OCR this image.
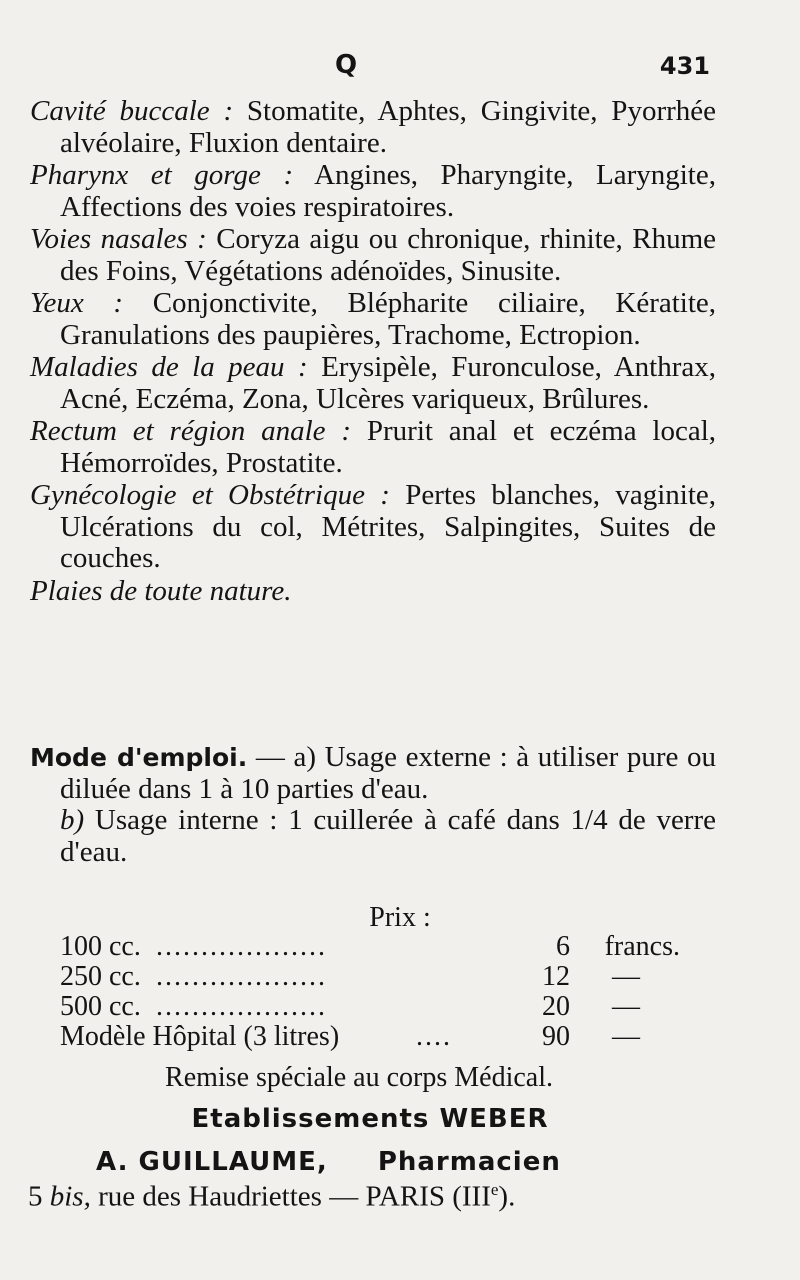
Q	431
Cavité buccale : Stomatite, Aphtes, Gingivite, Pyorrhée alvéolaire, Fluxion dentaire.
Pharynx et gorge : Angines, Pharyngite, Laryngite, Affections des voies respiratoires.
Voies nasales : Coryza aigu ou chronique, rhinite, Rhume des Foins, Végétations adénoïdes, Sinusite.
Yeux : Conjonctivite, Blépharite ciliaire, Kératite, Granulations des paupières, Trachome, Ectropion.
Maladies de la peau : Erysipèle, Furonculose, Anthrax, Acné, Eczéma, Zona, Ulcères variqueux, Brûlures.
Rectum et région anale : Prurit anal et eczéma local, Hémorroïdes, Prostatite.
Gynécologie et Obstétrique : Pertes blanches, vaginite, Ulcérations du col, Métrites, Salpingites, Suites de couches.
Plaies de toute nature.
Mode d'emploi. — a) Usage externe : à utiliser pure ou diluée dans 1 à 10 parties d'eau.
b) Usage interne : 1 cuillerée à café dans 1/4 de verre d'eau.
Prix :
100 cc. ...................	6 francs.
250 cc. ...................	12 —
500 cc. ...................	20 —
Modèle Hôpital (3 litres)	....	90 —
Remise spéciale au corps Médical.
Etablissements WEBER
A. GUILLAUME, Pharmacien
5 bis, rue des Haudriettes — PARIS (IIIe).
